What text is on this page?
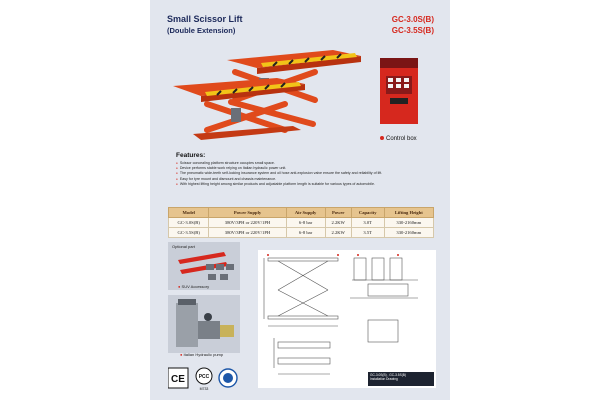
Small Scissor Lift
(Double Extension)
GC-3.0S(B)
GC-3.5S(B)
Control box
Features:
● Scissor concealing platform structure occupies small space.
● Device performs stable work relying on Italian hydraulic power unit.
● The pneumatic wide-teeth self-locking insurance system and oil hose anti-explosion valve ensure the safety and reliability of lift.
● Easy for tyre mount and dismount and chassis maintenance.
● With highest lifting height among similar products and adjustable platform length is suitable for various types of automobile.
Model	Power Supply	Air Supply	Power	Capacity	Lifting Height
GC-3.0S(B)	380V/3PH or 220V/1PH	6-8 bar	2.2KW	3.0T	330-2160mm
GC-3.5S(B)	380V/3PH or 220V/1PH	6-8 bar	2.2KW	3.5T	330-2160mm
Optional part
● SUV Accessory
● Italian Hydraulic pump
CE	PCC
M733
GC-3.0S(B) , GC-3.5S(B)
Installation Drawing
